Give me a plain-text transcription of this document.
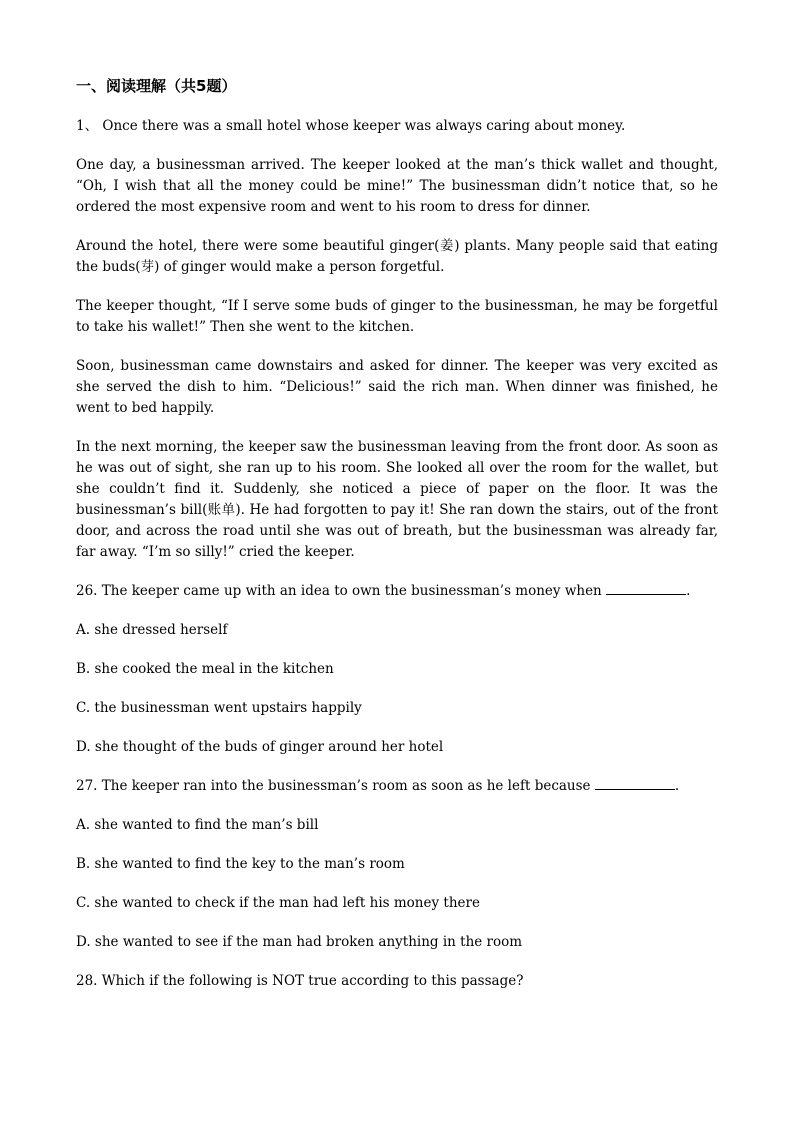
一、阅读理解（共5题）

1、 Once there was a small hotel whose keeper was always caring about money.

One day, a businessman arrived. The keeper looked at the man’s thick wallet and thought, “Oh, I wish that all the money could be mine!” The businessman didn’t notice that, so he ordered the most expensive room and went to his room to dress for dinner.

Around the hotel, there were some beautiful ginger(姜) plants. Many people said that eating the buds(芽) of ginger would make a person forgetful.

The keeper thought, “If I serve some buds of ginger to the businessman, he may be forgetful to take his wallet!” Then she went to the kitchen.

Soon, businessman came downstairs and asked for dinner. The keeper was very excited as she served the dish to him. “Delicious!” said the rich man. When dinner was finished, he went to bed happily.

In the next morning, the keeper saw the businessman leaving from the front door. As soon as he was out of sight, she ran up to his room. She looked all over the room for the wallet, but she couldn’t find it. Suddenly, she noticed a piece of paper on the floor. It was the businessman’s bill(账单). He had forgotten to pay it! She ran down the stairs, out of the front door, and across the road until she was out of breath, but the businessman was already far, far away. “I’m so silly!” cried the keeper.

26. The keeper came up with an idea to own the businessman’s money when	.

A. she dressed herself

B. she cooked the meal in the kitchen

C. the businessman went upstairs happily

D. she thought of the buds of ginger around her hotel

27. The keeper ran into the businessman’s room as soon as he left because	.

A. she wanted to find the man’s bill

B. she wanted to find the key to the man’s room

C. she wanted to check if the man had left his money there

D. she wanted to see if the man had broken anything in the room

28. Which if the following is NOT true according to this passage?
